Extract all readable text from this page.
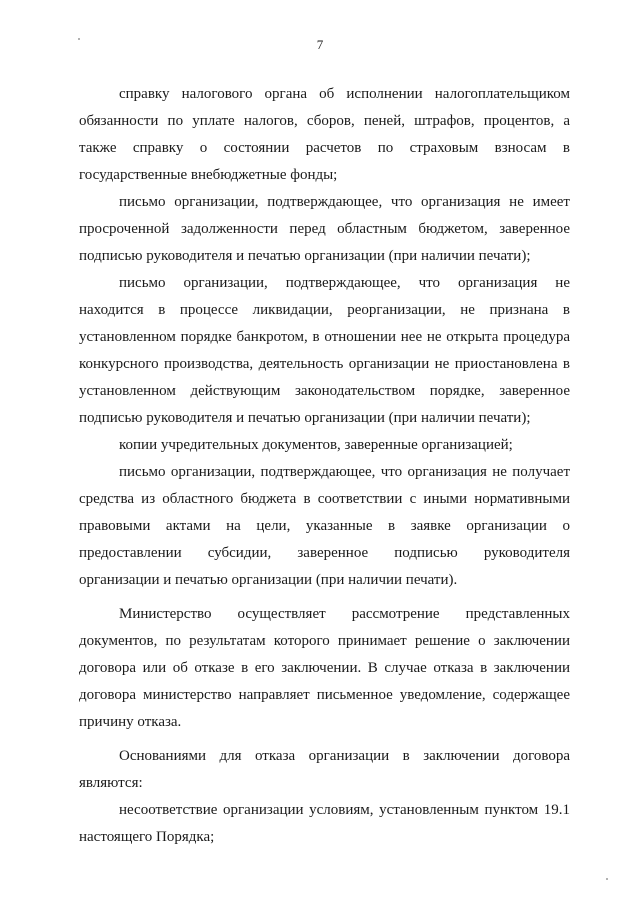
7
справку налогового органа об исполнении налогоплательщиком
обязанности по уплате налогов, сборов, пеней, штрафов, процентов, а
также справку о состоянии расчетов по страховым взносам в
государственные внебюджетные фонды;
письмо организации, подтверждающее, что организация не имеет
просроченной задолженности перед областным бюджетом, заверенное
подписью руководителя и печатью организации (при наличии печати);
письмо организации, подтверждающее, что организация не
находится в процессе ликвидации, реорганизации, не признана в
установленном порядке банкротом, в отношении нее не открыта процедура
конкурсного производства, деятельность организации не приостановлена в
установленном действующим законодательством порядке, заверенное
подписью руководителя и печатью организации (при наличии печати);
копии учредительных документов, заверенные организацией;
письмо организации, подтверждающее, что организация не получает
средства из областного бюджета в соответствии с иными нормативными
правовыми актами на цели, указанные в заявке организации о
предоставлении субсидии, заверенное подписью руководителя
организации и печатью организации (при наличии печати).
Министерство осуществляет рассмотрение представленных
документов, по результатам которого принимает решение о заключении
договора или об отказе в его заключении. В случае отказа в заключении
договора министерство направляет письменное уведомление, содержащее
причину отказа.
Основаниями для отказа организации в заключении договора
являются:
несоответствие организации условиям, установленным пунктом 19.1
настоящего Порядка;
